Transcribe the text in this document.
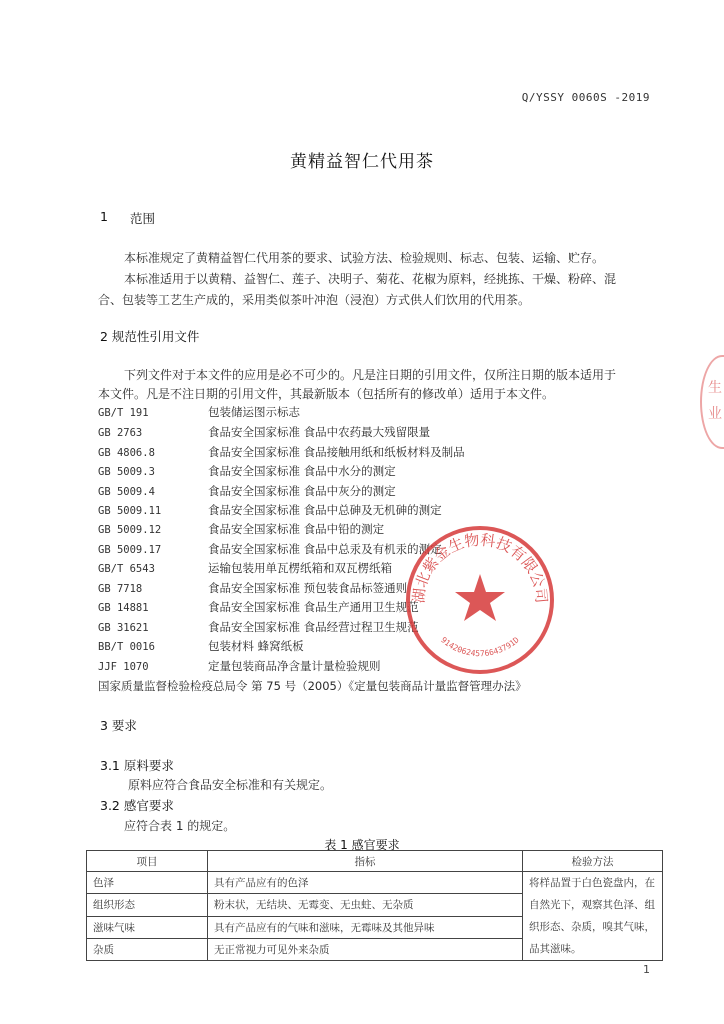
Q/YSSY 0060S -2019
黄精益智仁代用茶
1 范围
本标准规定了黄精益智仁代用茶的要求、试验方法、检验规则、标志、包装、运输、贮存。
本标准适用于以黄精、益智仁、莲子、决明子、菊花、花椒为原料，经挑拣、干燥、粉碎、混
合、包装等工艺生产成的，采用类似茶叶冲泡（浸泡）方式供人们饮用的代用茶。
2 规范性引用文件
下列文件对于本文件的应用是必不可少的。凡是注日期的引用文件，仅所注日期的版本适用于
本文件。凡是不注日期的引用文件，其最新版本（包括所有的修改单）适用于本文件。
GB/T 191	包装储运图示标志
GB 2763	食品安全国家标准 食品中农药最大残留限量
GB 4806.8	食品安全国家标准 食品接触用纸和纸板材料及制品
GB 5009.3	食品安全国家标准 食品中水分的测定
GB 5009.4	食品安全国家标准 食品中灰分的测定
GB 5009.11	食品安全国家标准 食品中总砷及无机砷的测定
GB 5009.12	食品安全国家标准 食品中铅的测定
GB 5009.17	食品安全国家标准 食品中总汞及有机汞的测定
GB/T 6543	运输包装用单瓦楞纸箱和双瓦楞纸箱
GB 7718	食品安全国家标准 预包装食品标签通则
GB 14881	食品安全国家标准 食品生产通用卫生规范
GB 31621	食品安全国家标准 食品经营过程卫生规范
BB/T 0016	包装材料 蜂窝纸板
JJF 1070	定量包装商品净含量计量检验规则
国家质量监督检验检疫总局令 第 75 号（2005）《定量包装商品计量监督管理办法》
3 要求
3.1 原料要求
原料应符合食品安全标准和有关规定。
3.2 感官要求
应符合表 1 的规定。
表 1 感官要求
项目	指标	检验方法
色泽	具有产品应有的色泽	将样品置于白色瓷盘内，在自然光下，观察其色泽、组织形态、杂质，嗅其气味，品其滋味。
组织形态	粉末状，无结块、无霉变、无虫蛀、无杂质	
滋味气味	具有产品应有的气味和滋味，无霉味及其他异味	
杂质	无正常视力可见外来杂质	
1
湖北紫金生物科技有限公司
91420624576643791D
生 业
